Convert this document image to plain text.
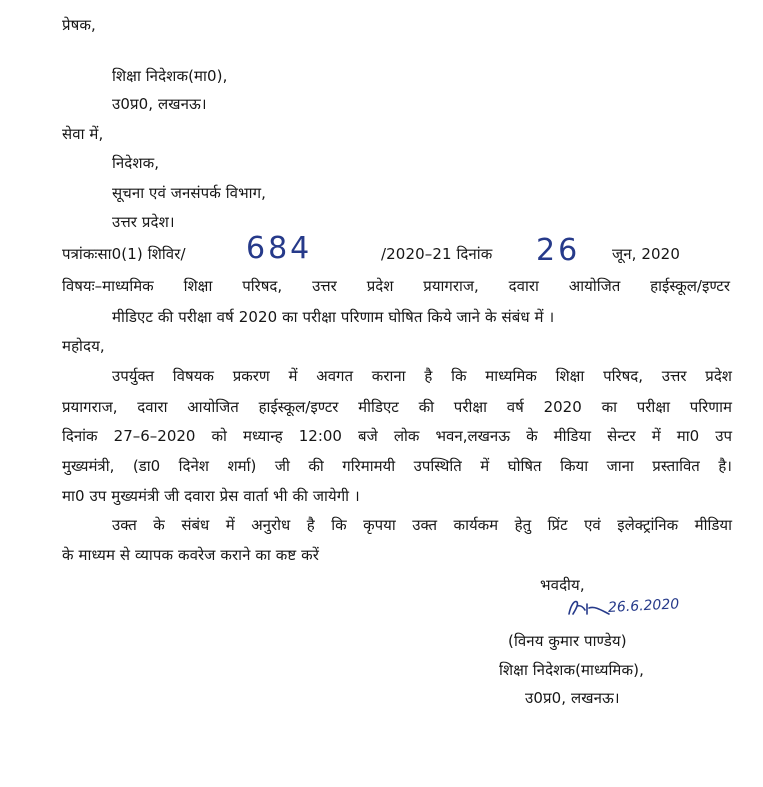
प्रेषक,
शिक्षा निदेशक(मा0),
उ0प्र0, लखनऊ।
सेवा में,
निदेशक,
सूचना एवं जनसंपर्क विभाग,
उत्तर प्रदेश।
पत्रांकःसा0(1) शिविर/ 684	/2020–21 दिनांक 26 जून, 2020
विषयः–माध्यमिक शिक्षा परिषद, उत्तर प्रदेश प्रयागराज, दवारा आयोजित हाईस्कूल/इण्टर
मीडिएट की परीक्षा वर्ष 2020 का परीक्षा परिणाम घोषित किये जाने के संबंध में ।
महोदय,
उपर्युक्त विषयक प्रकरण में अवगत कराना है कि माध्यमिक शिक्षा परिषद, उत्तर प्रदेश
प्रयागराज, दवारा आयोजित हाईस्कूल/इण्टर मीडिएट की परीक्षा वर्ष 2020 का परीक्षा परिणाम
दिनांक 27–6–2020 को मध्यान्ह 12:00 बजे लोक भवन,लखनऊ के मीडिया सेन्टर में मा0 उप
मुख्यमंत्री, (डा0 दिनेश शर्मा) जी की गरिमामयी उपस्थिति में घोषित किया जाना प्रस्तावित है।
मा0 उप मुख्यमंत्री जी दवारा प्रेस वार्ता भी की जायेगी ।
उक्त के संबंध में अनुरोध है कि कृपया उक्त कार्यकम हेतु प्रिंट एवं इलेक्ट्रांनिक मीडिया
के माध्यम से व्यापक कवरेज कराने का कष्ट करें
भवदीय,
26.6.2020
(विनय कुमार पाण्डेय)
शिक्षा निदेशक(माध्यमिक),
उ0प्र0, लखनऊ।
